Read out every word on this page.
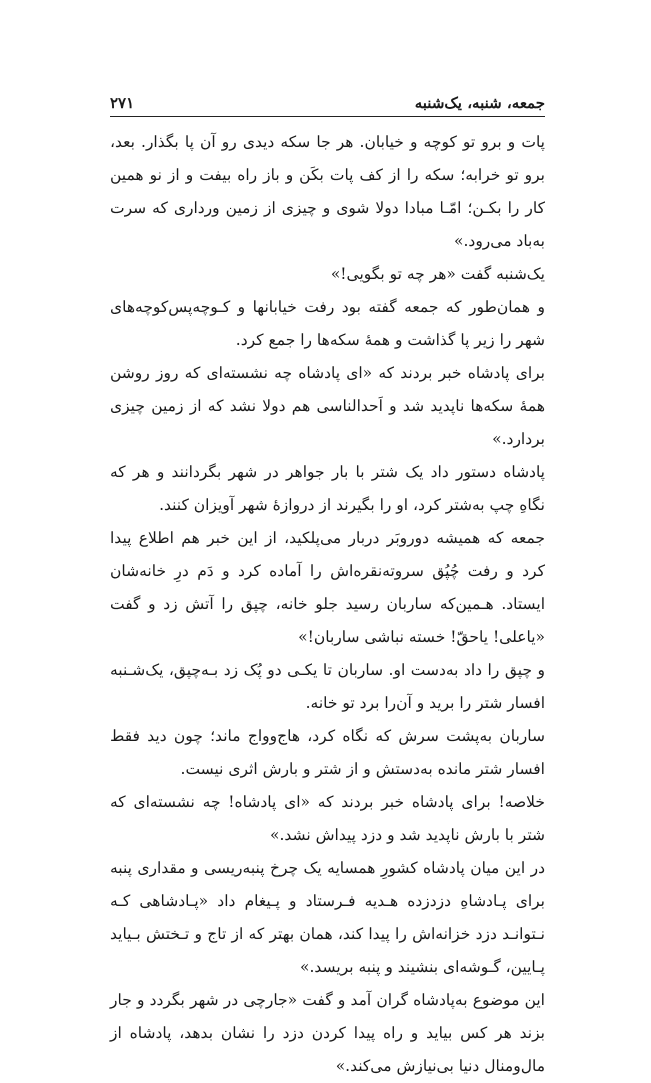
جمعه، شنبه، یک‌شنبه
۲۷۱

پات و برو تو کوچه و خیابان. هر جا سکه دیدی رو آن پا بگذار. بعد، برو تو خرابه؛ سکه را از کف پات بکَن و باز راه بیفت و از نو همین کار را بکـن؛ امّـا مبادا دولا شوی و چیزی از زمین ورداری که سرت به‌باد می‌رود.»

یک‌شنبه گفت «هر چه تو بگویی!»

و همان‌طور که جمعه گفته بود رفت خیابانها و کـوچه‌پس‌کوچه‌های شهر را زیر پا گذاشت و همهٔ سکه‌ها را جمع کرد.

برای پادشاه خبر بردند که «ای پادشاه چه نشسته‌ای که روز روشن همهٔ سکه‌ها ناپدید شد و اَحدالناسی هم دولا نشد که از زمین چیزی بردارد.»

پادشاه دستور داد یک شتر با بار جواهر در شهر بگردانند و هر که نگاهِ چپ به‌شتر کرد، او را بگیرند از دروازهٔ شهر آویزان کنند.

جمعه که همیشه دوروبَر دربار می‌پلکید، از این خبر هم اطلاع پیدا کرد و رفت چُپُق سروته‌نقره‌اش را آماده کرد و دَم درِ خانه‌شان ایستاد. هـمین‌که ساربان رسید جلو خانه، چپق را آتش زد و گفت «یاعلی! یاحقّ! خسته نباشی ساربان!»

و چپق را داد به‌دست او. ساربان تا یکـی دو پُک زد بـه‌چپق، یک‌شـنبه افسار شتر را برید و آن‌را برد تو خانه.

ساربان به‌پشت سرش که نگاه کرد، هاج‌وواج ماند؛ چون دید فقط افسار شتر مانده به‌دستش و از شتر و بارش اثری نیست.

خلاصه! برای پادشاه خبر بردند که «ای پادشاه! چه نشسته‌ای که شتر با بارش ناپدید شد و دزد پیداش نشد.»

در این میان پادشاه کشورِ همسایه یک چرخ پنبه‌ریسی و مقداری پنبه برای پـادشاهِ دزدزده هـدیه فـرستاد و پـیغام داد «پـادشاهی کـه نـتوانـد دزد خزانه‌اش را پیدا کند، همان بهتر که از تاج و تـختش بـیاید پـایین، گـوشه‌ای بنشیند و پنبه بریسد.»

این موضوع به‌پادشاه گران آمد و گفت «جارچی در شهر بگردد و جار بزند هر کس بیاید و راه پیدا کردن دزد را نشان بدهد، پادشاه از مال‌ومنال دنیا بی‌نیازش می‌کند.»
